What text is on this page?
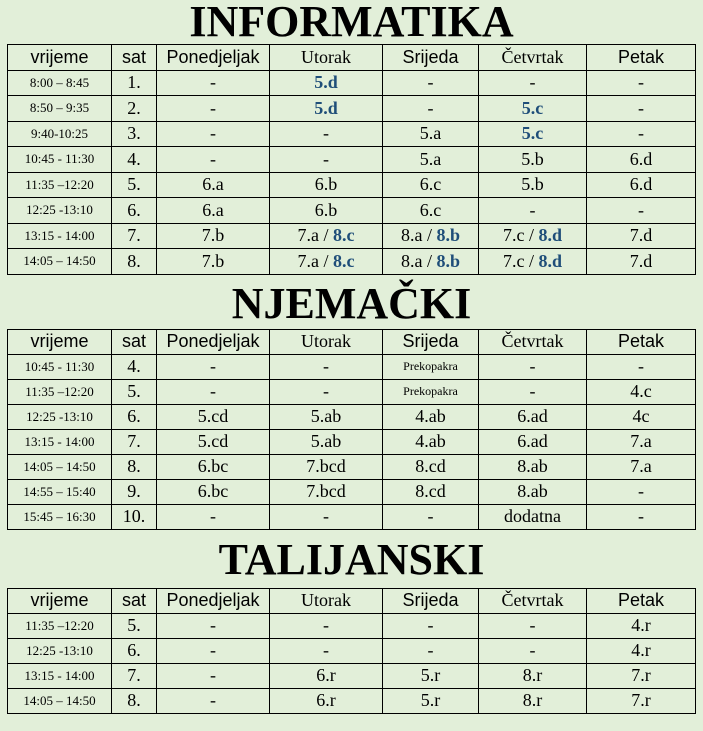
INFORMATIKA
vrijeme	sat	Ponedjeljak	Utorak	Srijeda	Četvrtak	Petak
8:00 – 8:45	1.	-	5.d	-	-	-
8:50 – 9:35	2.	-	5.d	-	5.c	-
9:40-10:25	3.	-	-	5.a	5.c	-
10:45 - 11:30	4.	-	-	5.a	5.b	6.d
11:35 –12:20	5.	6.a	6.b	6.c	5.b	6.d
12:25 -13:10	6.	6.a	6.b	6.c	-	-
13:15 - 14:00	7.	7.b	7.a / 8.c	8.a / 8.b	7.c / 8.d	7.d
14:05 – 14:50	8.	7.b	7.a / 8.c	8.a / 8.b	7.c / 8.d	7.d
NJEMAČKI
vrijeme	sat	Ponedjeljak	Utorak	Srijeda	Četvrtak	Petak
10:45 - 11:30	4.	-	-	Prekopakra	-	-
11:35 –12:20	5.	-	-	Prekopakra	-	4.c
12:25 -13:10	6.	5.cd	5.ab	4.ab	6.ad	4c
13:15 - 14:00	7.	5.cd	5.ab	4.ab	6.ad	7.a
14:05 – 14:50	8.	6.bc	7.bcd	8.cd	8.ab	7.a
14:55 – 15:40	9.	6.bc	7.bcd	8.cd	8.ab	-
15:45 – 16:30	10.	-	-	-	dodatna	-
TALIJANSKI
vrijeme	sat	Ponedjeljak	Utorak	Srijeda	Četvrtak	Petak
11:35 –12:20	5.	-	-	-	-	4.r
12:25 -13:10	6.	-	-	-	-	4.r
13:15 - 14:00	7.	-	6.r	5.r	8.r	7.r
14:05 – 14:50	8.	-	6.r	5.r	8.r	7.r
